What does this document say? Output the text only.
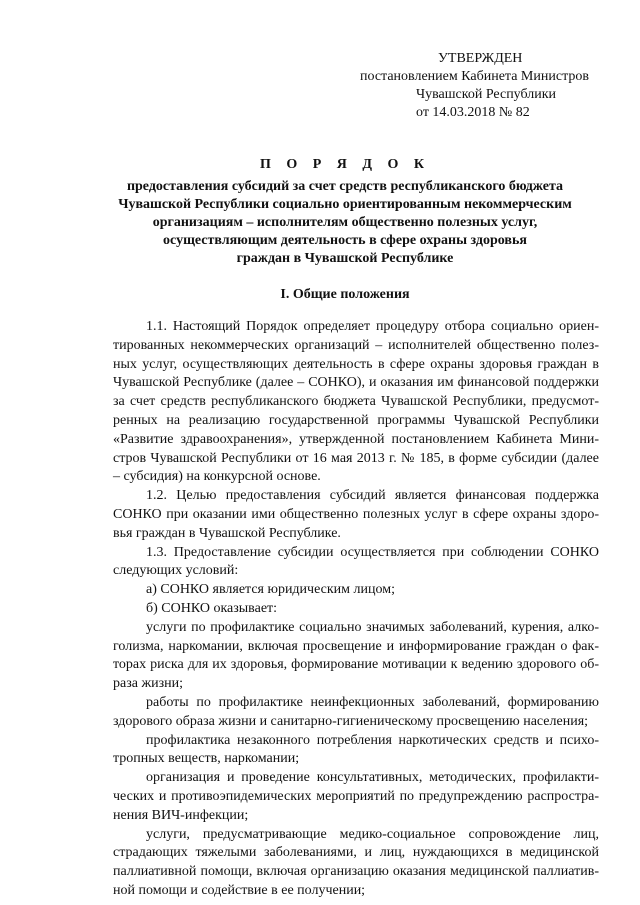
УТВЕРЖДЕН
постановлением Кабинета Министров
Чувашской Республики
от 14.03.2018 № 82
П О Р Я Д О К
предоставления субсидий за счет средств республиканского бюджета
Чувашской Республики социально ориентированным некоммерческим
организациям – исполнителям общественно полезных услуг,
осуществляющим деятельность в сфере охраны здоровья
граждан в Чувашской Республике
I. Общие положения
1.1. Настоящий Порядок определяет процедуру отбора социально ориен-
тированных некоммерческих организаций – исполнителей общественно полез-
ных услуг, осуществляющих деятельность в сфере охраны здоровья граждан в
Чувашской Республике (далее – СОНКО), и оказания им финансовой поддержки
за счет средств республиканского бюджета Чувашской Республики, предусмот-
ренных на реализацию государственной программы Чувашской Республики
«Развитие здравоохранения», утвержденной постановлением Кабинета Мини-
стров Чувашской Республики от 16 мая 2013 г. № 185, в форме субсидии (далее
– субсидия) на конкурсной основе.
1.2. Целью предоставления субсидий является финансовая поддержка
СОНКО при оказании ими общественно полезных услуг в сфере охраны здоро-
вья граждан в Чувашской Республике.
1.3. Предоставление субсидии осуществляется при соблюдении СОНКО
следующих условий:
а) СОНКО является юридическим лицом;
б) СОНКО оказывает:
услуги по профилактике социально значимых заболеваний, курения, алко-
голизма, наркомании, включая просвещение и информирование граждан о фак-
торах риска для их здоровья, формирование мотивации к ведению здорового об-
раза жизни;
работы по профилактике неинфекционных заболеваний, формированию
здорового образа жизни и санитарно-гигиеническому просвещению населения;
профилактика незаконного потребления наркотических средств и психо-
тропных веществ, наркомании;
организация и проведение консультативных, методических, профилакти-
ческих и противоэпидемических мероприятий по предупреждению распростра-
нения ВИЧ-инфекции;
услуги, предусматривающие медико-социальное сопровождение лиц,
страдающих тяжелыми заболеваниями, и лиц, нуждающихся в медицинской
паллиативной помощи, включая организацию оказания медицинской паллиатив-
ной помощи и содействие в ее получении;
